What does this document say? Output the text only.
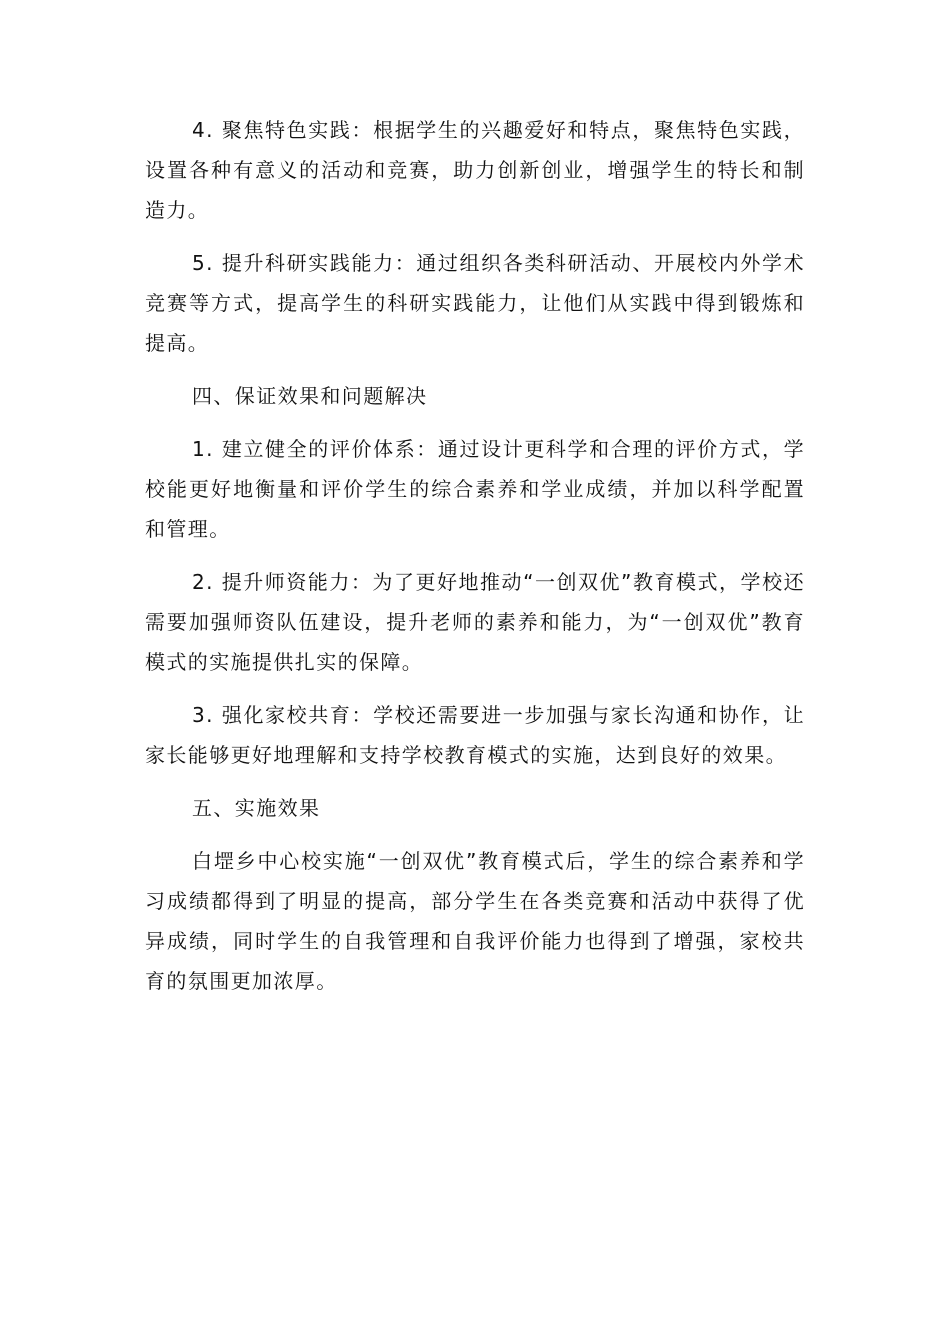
4. 聚焦特色实践：根据学生的兴趣爱好和特点，聚焦特色实践，设置各种有意义的活动和竞赛，助力创新创业，增强学生的特长和制造力。

5. 提升科研实践能力：通过组织各类科研活动、开展校内外学术竞赛等方式，提高学生的科研实践能力，让他们从实践中得到锻炼和提高。

四、保证效果和问题解决

1. 建立健全的评价体系：通过设计更科学和合理的评价方式，学校能更好地衡量和评价学生的综合素养和学业成绩，并加以科学配置和管理。

2. 提升师资能力：为了更好地推动“一创双优”教育模式，学校还需要加强师资队伍建设，提升老师的素养和能力，为“一创双优”教育模式的实施提供扎实的保障。

3. 强化家校共育：学校还需要进一步加强与家长沟通和协作，让家长能够更好地理解和支持学校教育模式的实施，达到良好的效果。

五、实施效果

白堽乡中心校实施“一创双优”教育模式后，学生的综合素养和学习成绩都得到了明显的提高，部分学生在各类竞赛和活动中获得了优异成绩，同时学生的自我管理和自我评价能力也得到了增强，家校共育的氛围更加浓厚。
